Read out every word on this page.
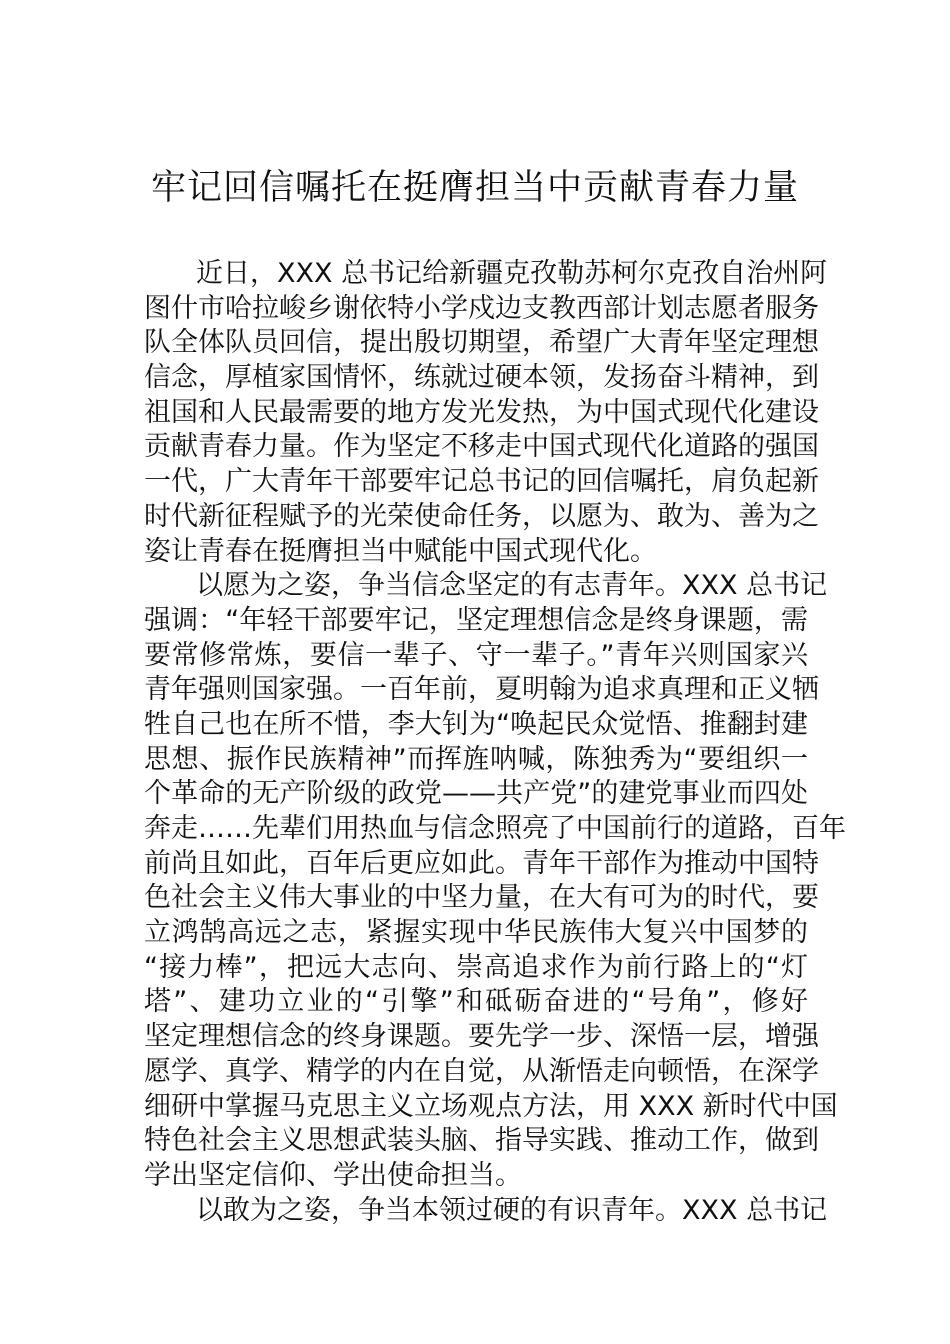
牢记回信嘱托在挺膺担当中贡献青春力量

近日，XXX 总书记给新疆克孜勒苏柯尔克孜自治州阿
图什市哈拉峻乡谢依特小学戍边支教西部计划志愿者服务
队全体队员回信，提出殷切期望，希望广大青年坚定理想
信念，厚植家国情怀，练就过硬本领，发扬奋斗精神，到
祖国和人民最需要的地方发光发热，为中国式现代化建设
贡献青春力量。作为坚定不移走中国式现代化道路的强国
一代，广大青年干部要牢记总书记的回信嘱托，肩负起新
时代新征程赋予的光荣使命任务，以愿为、敢为、善为之
姿让青春在挺膺担当中赋能中国式现代化。

以愿为之姿，争当信念坚定的有志青年。XXX 总书记
强调：“年轻干部要牢记，坚定理想信念是终身课题，需
要常修常炼，要信一辈子、守一辈子。”青年兴则国家兴
青年强则国家强。一百年前，夏明翰为追求真理和正义牺
牲自己也在所不惜，李大钊为“唤起民众觉悟、推翻封建
思想、振作民族精神”而挥旌呐喊，陈独秀为“要组织一
个革命的无产阶级的政党——共产党”的建党事业而四处
奔走……先辈们用热血与信念照亮了中国前行的道路，百年
前尚且如此，百年后更应如此。青年干部作为推动中国特
色社会主义伟大事业的中坚力量，在大有可为的时代，要
立鸿鹄高远之志，紧握实现中华民族伟大复兴中国梦的
“接力棒”，把远大志向、崇高追求作为前行路上的“灯
塔”、建功立业的“引擎”和砥砺奋进的“号角”，修好
坚定理想信念的终身课题。要先学一步、深悟一层，增强
愿学、真学、精学的内在自觉，从渐悟走向顿悟，在深学
细研中掌握马克思主义立场观点方法，用 XXX 新时代中国
特色社会主义思想武装头脑、指导实践、推动工作，做到
学出坚定信仰、学出使命担当。

以敢为之姿，争当本领过硬的有识青年。XXX 总书记
